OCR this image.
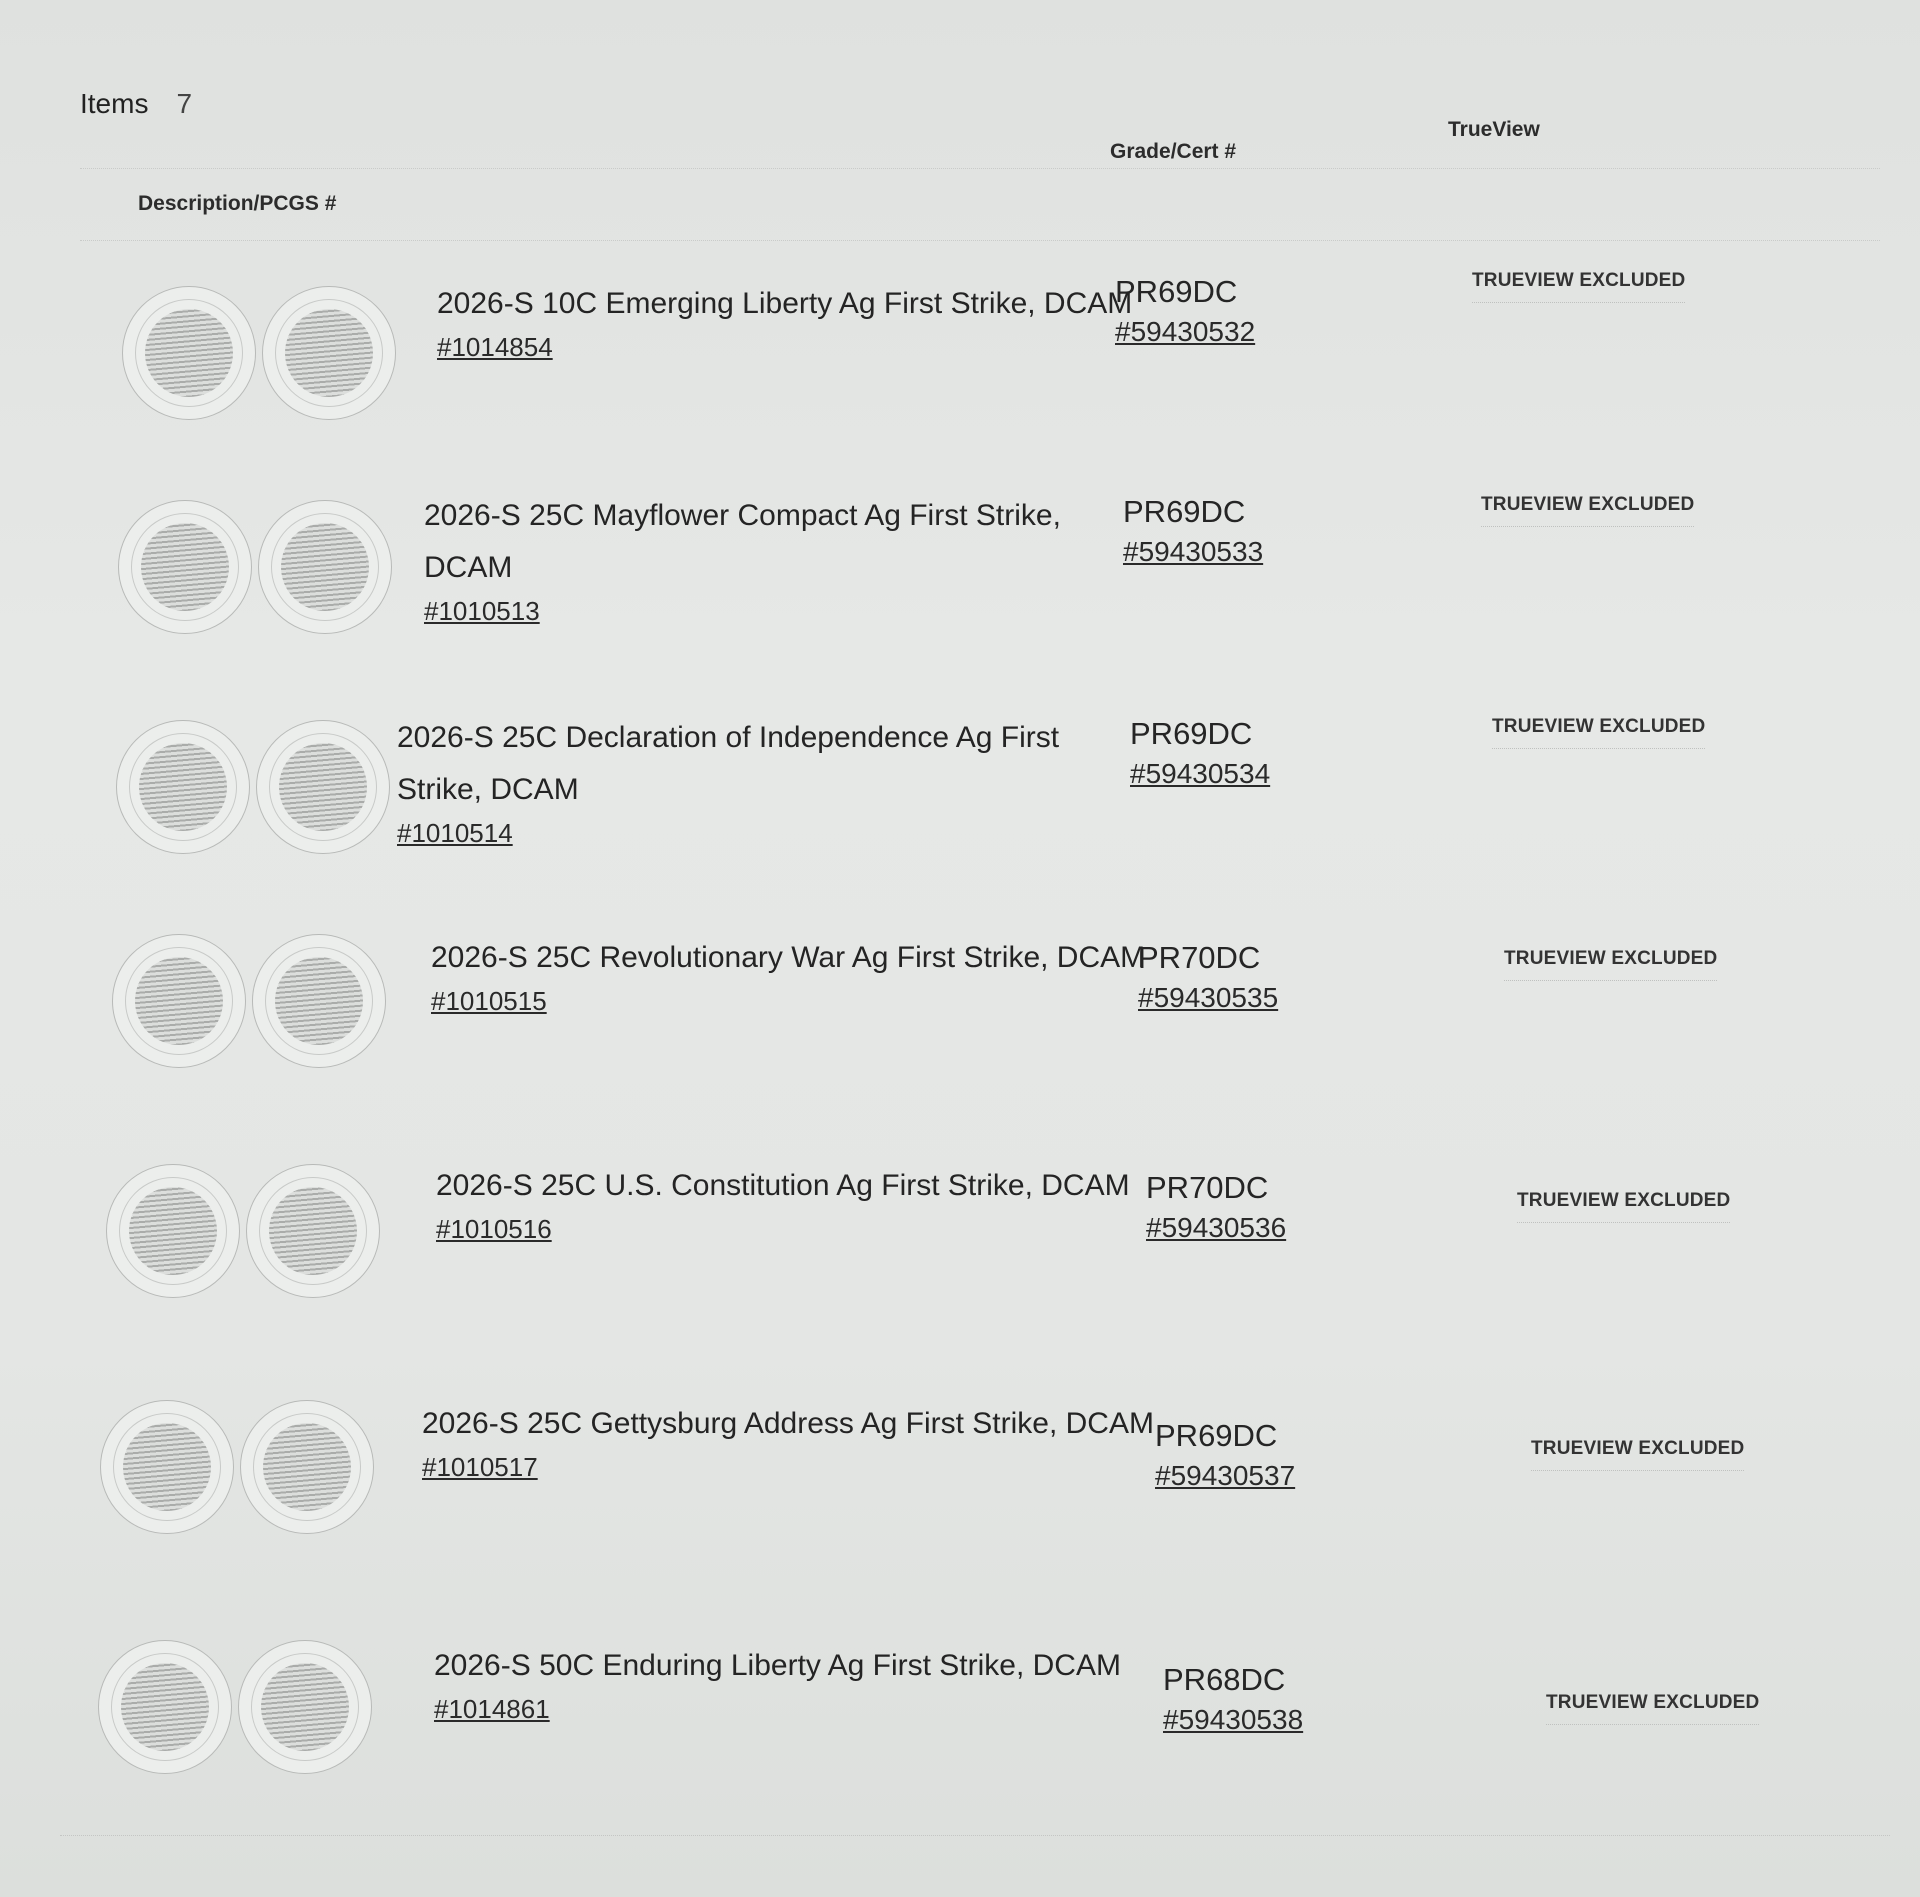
Items 7
Description/PCGS #
Grade/Cert #
TrueView
2026-S 10C Emerging Liberty Ag First Strike, DCAM
#1014854
PR69DC
#59430532
TRUEVIEW EXCLUDED
2026-S 25C Mayflower Compact Ag First Strike, DCAM
#1010513
PR69DC
#59430533
TRUEVIEW EXCLUDED
2026-S 25C Declaration of Independence Ag First Strike, DCAM
#1010514
PR69DC
#59430534
TRUEVIEW EXCLUDED
2026-S 25C Revolutionary War Ag First Strike, DCAM
#1010515
PR70DC
#59430535
TRUEVIEW EXCLUDED
2026-S 25C U.S. Constitution Ag First Strike, DCAM
#1010516
PR70DC
#59430536
TRUEVIEW EXCLUDED
2026-S 25C Gettysburg Address Ag First Strike, DCAM
#1010517
PR69DC
#59430537
TRUEVIEW EXCLUDED
2026-S 50C Enduring Liberty Ag First Strike, DCAM
#1014861
PR68DC
#59430538
TRUEVIEW EXCLUDED
